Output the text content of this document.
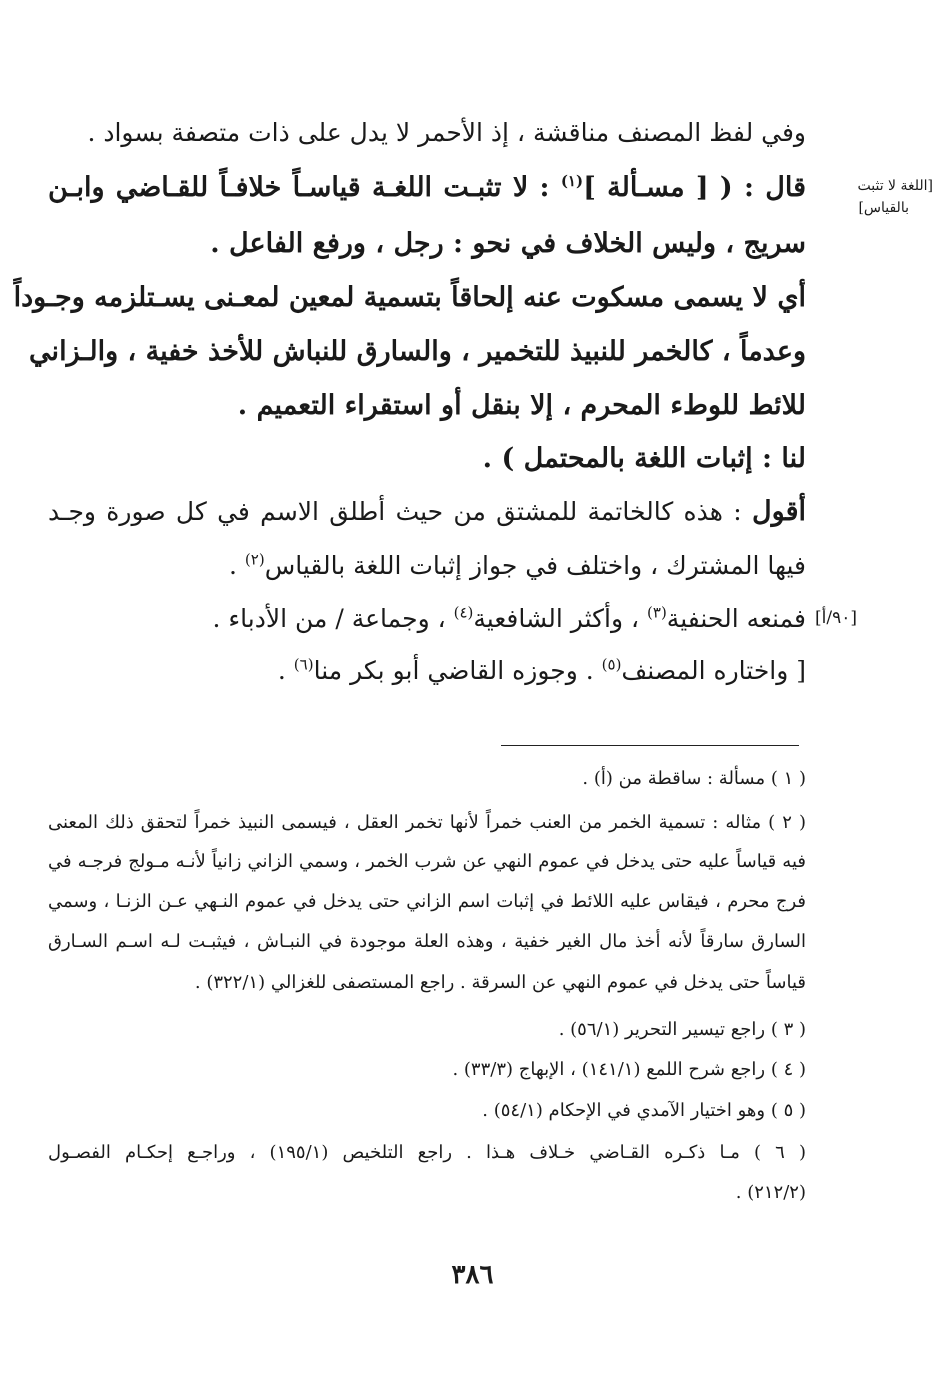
[اللغة لا تثبت
بالقياس]
[٩٠/أ]
وفي لفظ المصنف مناقشة ، إذ الأحمر لا يدل على ذات متصفة بسواد .
قال : ( [ مسـألة ]$^{(١)}$ : لا تثبـت اللغـة قياسـاً خلافـاً للقـاضي وابـن
سريج ، وليس الخلاف في نحو : رجل ، ورفع الفاعل .
أي لا يسمى مسكوت عنه إلحاقاً بتسمية لمعين لمعـنى يسـتلزمه وجـوداً
وعدماً ، كالخمر للنبيذ للتخمير ، والسارق للنباش للأخذ خفية ، والـزاني
للائط للوطء المحرم ، إلا بنقل أو استقراء التعميم .
لنا : إثبات اللغة بالمحتمل ) .
أقول : هذه كالخاتمة للمشتق من حيث أطلق الاسم في كل صورة وجـد
فيها المشترك ، واختلف في جواز إثبات اللغة بالقياس$^{(٢)}$ .
فمنعه الحنفية$^{(٣)}$ ، وأكثر الشافعية$^{(٤)}$ ، وجماعة / من الأدباء .
[ واختاره المصنف$^{(٥)}$ . وجوزه القاضي أبو بكر منا$^{(٦)}$ .
( ١ ) مسألة : ساقطة من (أ) .
( ٢ ) مثاله : تسمية الخمر من العنب خمراً لأنها تخمر العقل ، فيسمى النبيذ خمراً لتحقق ذلك المعنى
فيه قياساً عليه حتى يدخل في عموم النهي عن شرب الخمر ، وسمي الزاني زانياً لأنـه مـولج فرجـه في
فرج محرم ، فيقاس عليه اللائط في إثبات اسم الزاني حتى يدخل في عموم النـهي عـن الزنـا ، وسمي
السارق سارقاً لأنه أخذ مال الغير خفية ، وهذه العلة موجودة في النبـاش ، فيثبـت لـه اسـم السـارق
قياساً حتى يدخل في عموم النهي عن السرقة . راجع المستصفى للغزالي (٣٢٢/١) .
( ٣ ) راجع تيسير التحرير (٥٦/١) .
( ٤ ) راجع شرح اللمع (١٤١/١) ، الإبهاج (٣٣/٣) .
( ٥ ) وهو اختيار الآمدي في الإحكام (٥٤/١) .
( ٦ ) مـا ذكـره القـاضي خـلاف هـذا . راجع التلخيص (١٩٥/١) ، وراجـع إحكـام الفصـول
(٢١٢/٢) .
٣٨٦
